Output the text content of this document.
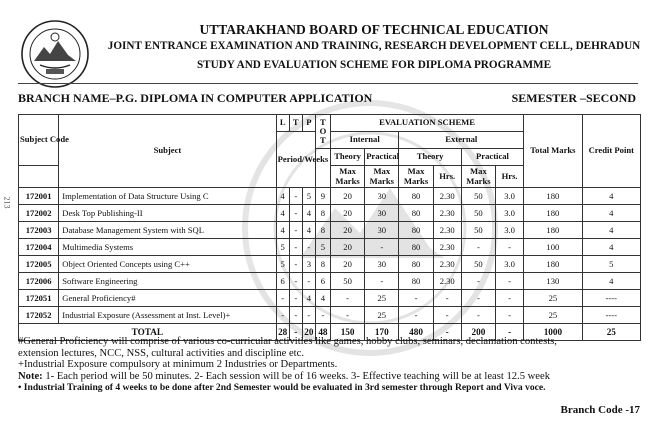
UTTARAKHAND BOARD OF TECHNICAL EDUCATION
JOINT ENTRANCE EXAMINATION AND TRAINING, RESEARCH DEVELOPMENT CELL, DEHRADUN
STUDY AND EVALUATION SCHEME FOR DIPLOMA PROGRAMME
BRANCH NAME–P.G. DIPLOMA IN COMPUTER APPLICATION	SEMESTER –SECOND
213
Subject Code	Subject	L	T	P	T O T	EVALUATION SCHEME						Total Marks	Credit Point
		Period/Weeks				Internal		External					
						Theory	Practical	Theory		Practical			
						Max Marks	Max Marks	Max Marks	Hrs.	Max Marks	Hrs.		
172001	Implementation of Data Structure Using C	4	-	5	9	20	30	80	2.30	50	3.0	180	4
172002	Desk Top Publishing-II	4	-	4	8	20	30	80	2.30	50	3.0	180	4
172003	Database Management System with SQL	4	-	4	8	20	30	80	2.30	50	3.0	180	4
172004	Multimedia Systems	5	-	-	5	20	-	80	2.30	-	-	100	4
172005	Object Oriented Concepts using C++	5	-	3	8	20	30	80	2.30	50	3.0	180	5
172006	Software Engineering	6	-	-	6	50	-	80	2.30	-	-	130	4
172051	General Proficiency#	-	-	4	4	-	25	-	-	-	-	25	----
172052	Industrial Exposure (Assessment at Inst. Level)+	-	-	-	-	-	25	-	-	-	-	25	----
TOTAL		28	-	20	48	150	170	480	-	200	-	1000	25
#General Proficiency will comprise of various co-curricular activities like games, hobby clubs, seminars, declamation contests,
extension lectures, NCC, NSS, cultural activities and discipline etc.
+Industrial Exposure compulsory at minimum 2 Industries or Departments.
Note: 1- Each period will be 50 minutes. 2- Each session will be of 16 weeks. 3- Effective teaching will be at least 12.5 week
• Industrial Training of 4 weeks to be done after 2nd Semester would be evaluated in 3rd semester through Report and Viva voce.
Branch Code -17
